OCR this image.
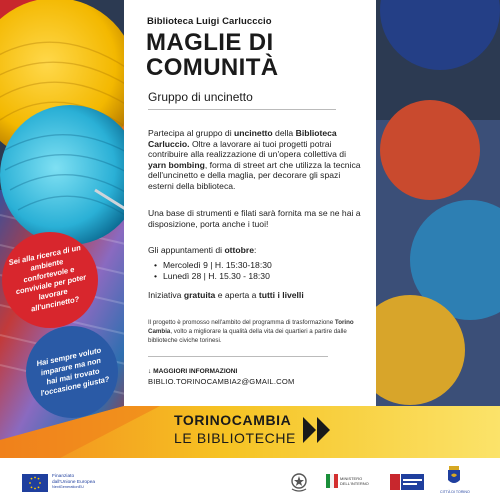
Biblioteca Luigi Carlucccio
MAGLIE DI
COMUNITÀ
Gruppo di uncinetto
Partecipa al gruppo di uncinetto della Biblioteca Carluccio. Oltre a lavorare ai tuoi progetti potrai contribuire alla realizzazione di un'opera collettiva di yarn bombing, forma di street art che utilizza la tecnica dell'uncinetto e della maglia, per decorare gli spazi esterni della biblioteca.
Una base di strumenti e filati sarà fornita ma se ne hai a disposizione, porta anche i tuoi!
Gli appuntamenti di ottobre:
• Mercoledì 9 | H. 15:30-18:30
• Lunedì 28 | H. 15.30 - 18:30
Iniziativa gratuita e aperta a tutti i livelli
Il progetto è promosso nell'ambito del programma di trasformazione Torino Cambia, volto a migliorare la qualità della vita dei quartieri a partire dalle biblioteche civiche torinesi.
↓ MAGGIORI INFORMAZIONI
BIBLIO.TORINOCAMBIA2@GMAIL.COM
Sei alla ricerca di un ambiente confortevole e conviviale per poter lavorare all'uncinetto?
Hai sempre voluto imparare ma non hai mai trovato l'occasione giusta?
TORINOCAMBIA
LE BIBLIOTECHE
Finanziato
dall'Unione Europea
NextGenerationEU
MINISTERO
DELL'INTERNO
CITTÀ DI TORINO
